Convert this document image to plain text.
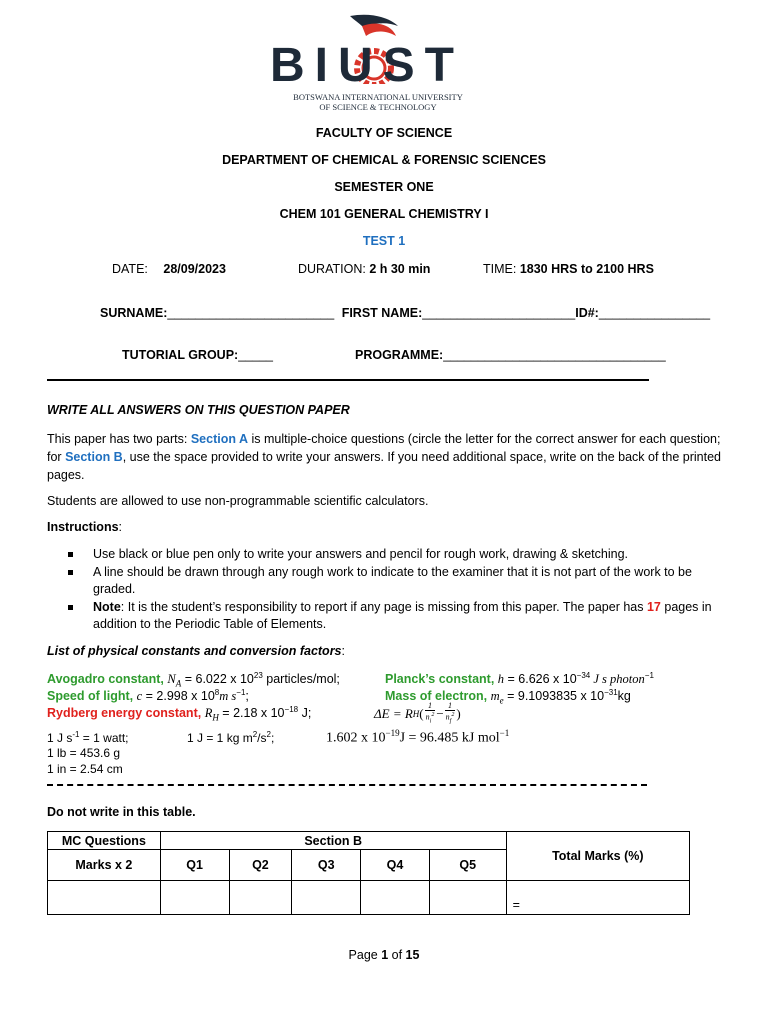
BIUST
BOTSWANA INTERNATIONAL UNIVERSITY
OF SCIENCE & TECHNOLOGY
FACULTY OF SCIENCE
DEPARTMENT OF CHEMICAL & FORENSIC SCIENCES
SEMESTER ONE
CHEM 101 GENERAL CHEMISTRY I
TEST 1
DATE: 28/09/2023	DURATION: 2 h 30 min	TIME: 1830 HRS to 2100 HRS
SURNAME:________________________ FIRST NAME:______________________ID#:________________
TUTORIAL GROUP:_____	PROGRAMME:________________________________
WRITE ALL ANSWERS ON THIS QUESTION PAPER
This paper has two parts: Section A is multiple-choice questions (circle the letter for the correct answer for each question; for Section B, use the space provided to write your answers. If you need additional space, write on the back of the printed pages.
Students are allowed to use non-programmable scientific calculators.
Instructions:
Use black or blue pen only to write your answers and pencil for rough work, drawing & sketching.
A line should be drawn through any rough work to indicate to the examiner that it is not part of the work to be graded.
Note: It is the student’s responsibility to report if any page is missing from this paper. The paper has 17 pages in addition to the Periodic Table of Elements.
List of physical constants and conversion factors:
Avogadro constant, $N_A = 6.022$ x $10^{23}$ particles/mol;	Planck’s constant, h = 6.626 x $10^{-34}$ J s photon$^{-1}$
Speed of light, c = 2.998 x $10^8m$ $s^{-1}$;	Mass of electron, $m_e = 9.1093835$ x $10^{-31}kg$
Rydberg energy constant, $R_H = 2.18$ x $10^{-18}$ J;	ΔE = R H (
1
$n_i^2 - \frac{1}{n_f^2}$ )
1 J $s^{-1} = 1$ watt;	1 J = 1 kg $m^2/s^2$;	1.602 x $10^{-19}J = 96.485$ kJ mol$^{-1}$
1 lb = 453.6 g
1 in = 2.54 cm
Do not write in this table.
MC Questions	Section B					Total Marks (%)
Marks x 2	Q1	Q2	Q3	Q4	Q5	
						=
Page 1 of 15
